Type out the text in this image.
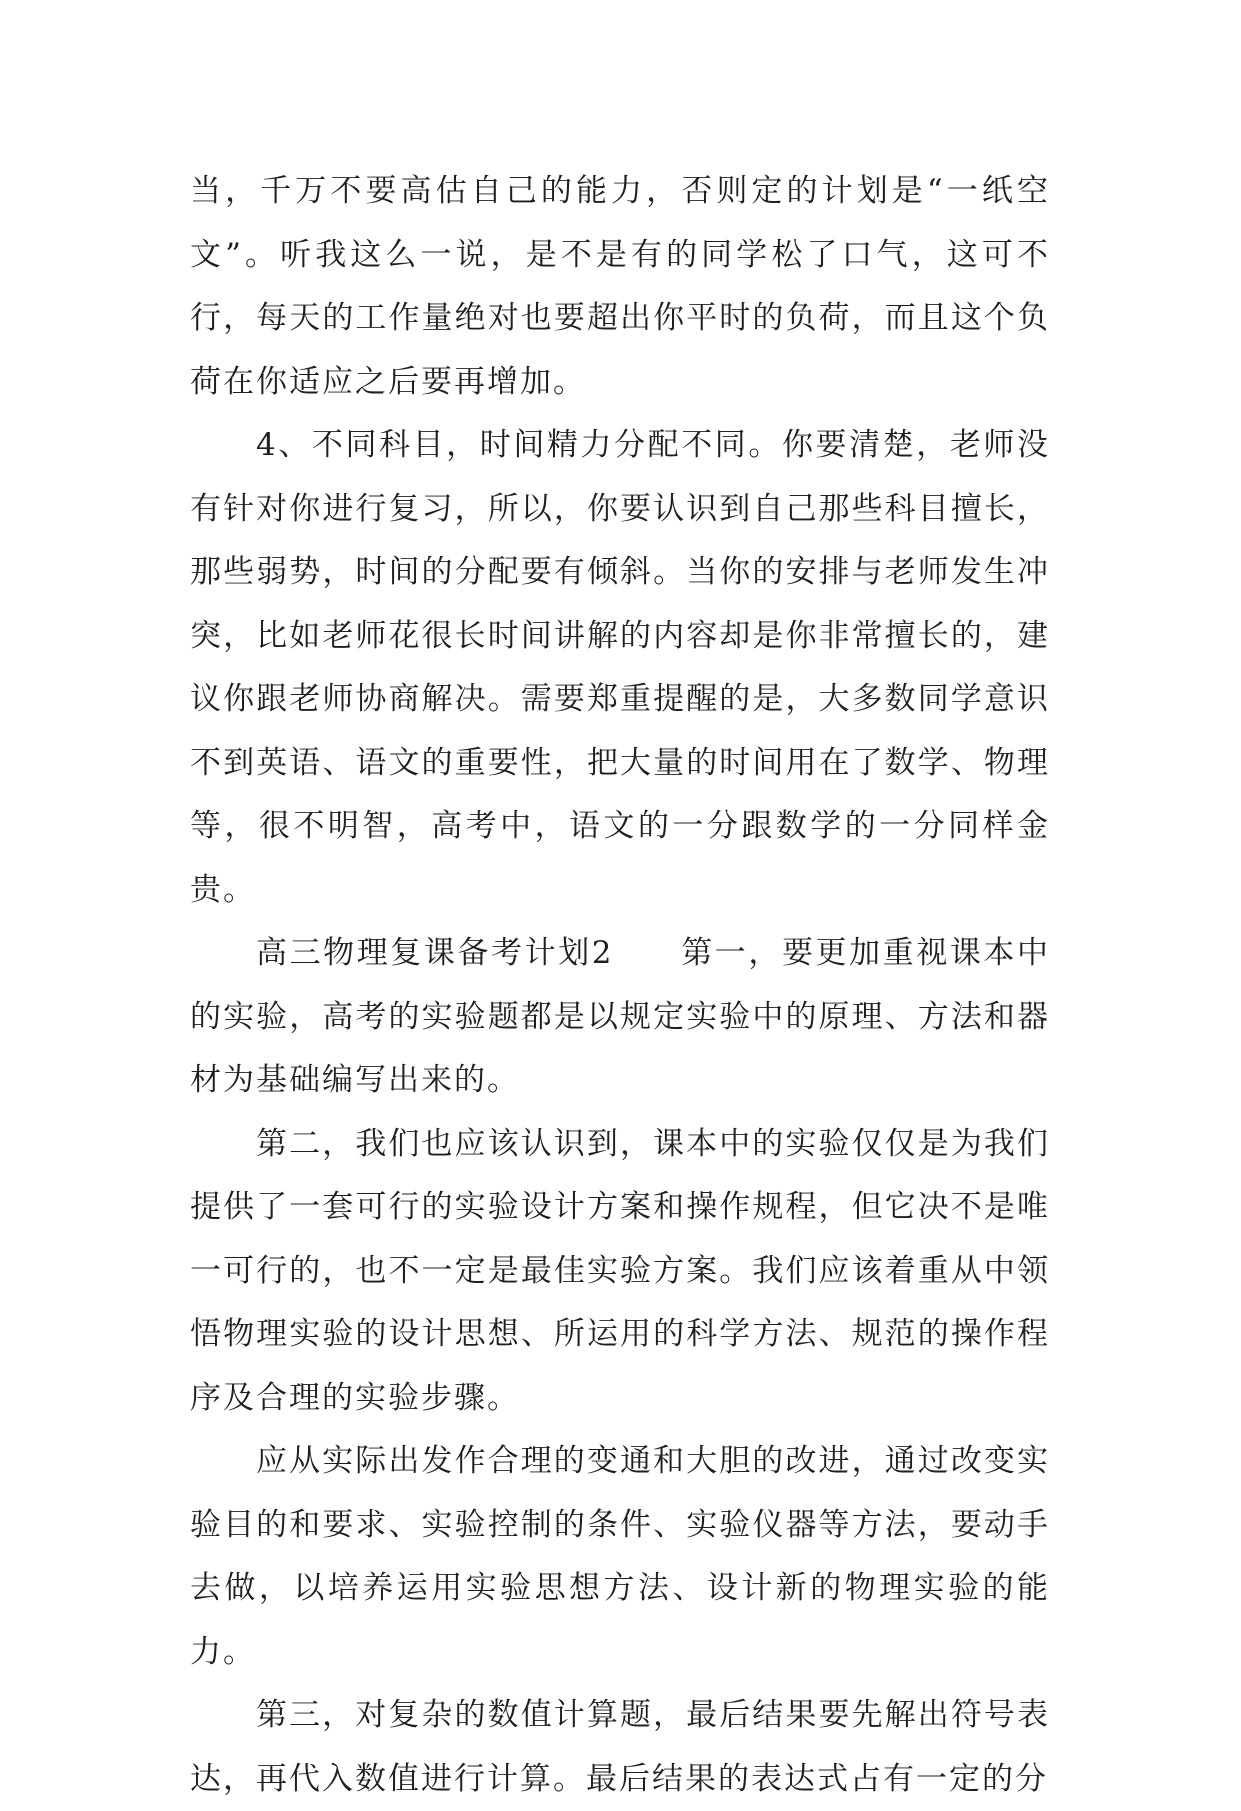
当，千万不要高估自己的能力，否则定的计划是“一纸空文”。听我这么一说，是不是有的同学松了口气，这可不行，每天的工作量绝对也要超出你平时的负荷，而且这个负荷在你适应之后要再增加。

4、不同科目，时间精力分配不同。你要清楚，老师没有针对你进行复习，所以，你要认识到自己那些科目擅长，那些弱势，时间的分配要有倾斜。当你的安排与老师发生冲突，比如老师花很长时间讲解的内容却是你非常擅长的，建议你跟老师协商解决。需要郑重提醒的是，大多数同学意识不到英语、语文的重要性，把大量的时间用在了数学、物理等，很不明智，高考中，语文的一分跟数学的一分同样金贵。

高三物理复课备考计划2　　第一，要更加重视课本中的实验，高考的实验题都是以规定实验中的原理、方法和器材为基础编写出来的。

第二，我们也应该认识到，课本中的实验仅仅是为我们提供了一套可行的实验设计方案和操作规程，但它决不是唯一可行的，也不一定是最佳实验方案。我们应该着重从中领悟物理实验的设计思想、所运用的科学方法、规范的操作程序及合理的实验步骤。

应从实际出发作合理的变通和大胆的改进，通过改变实验目的和要求、实验控制的条件、实验仪器等方法，要动手去做，以培养运用实验思想方法、设计新的物理实验的能力。

第三，对复杂的数值计算题，最后结果要先解出符号表达，再代入数值进行计算。最后结果的表达式占有一定的分
